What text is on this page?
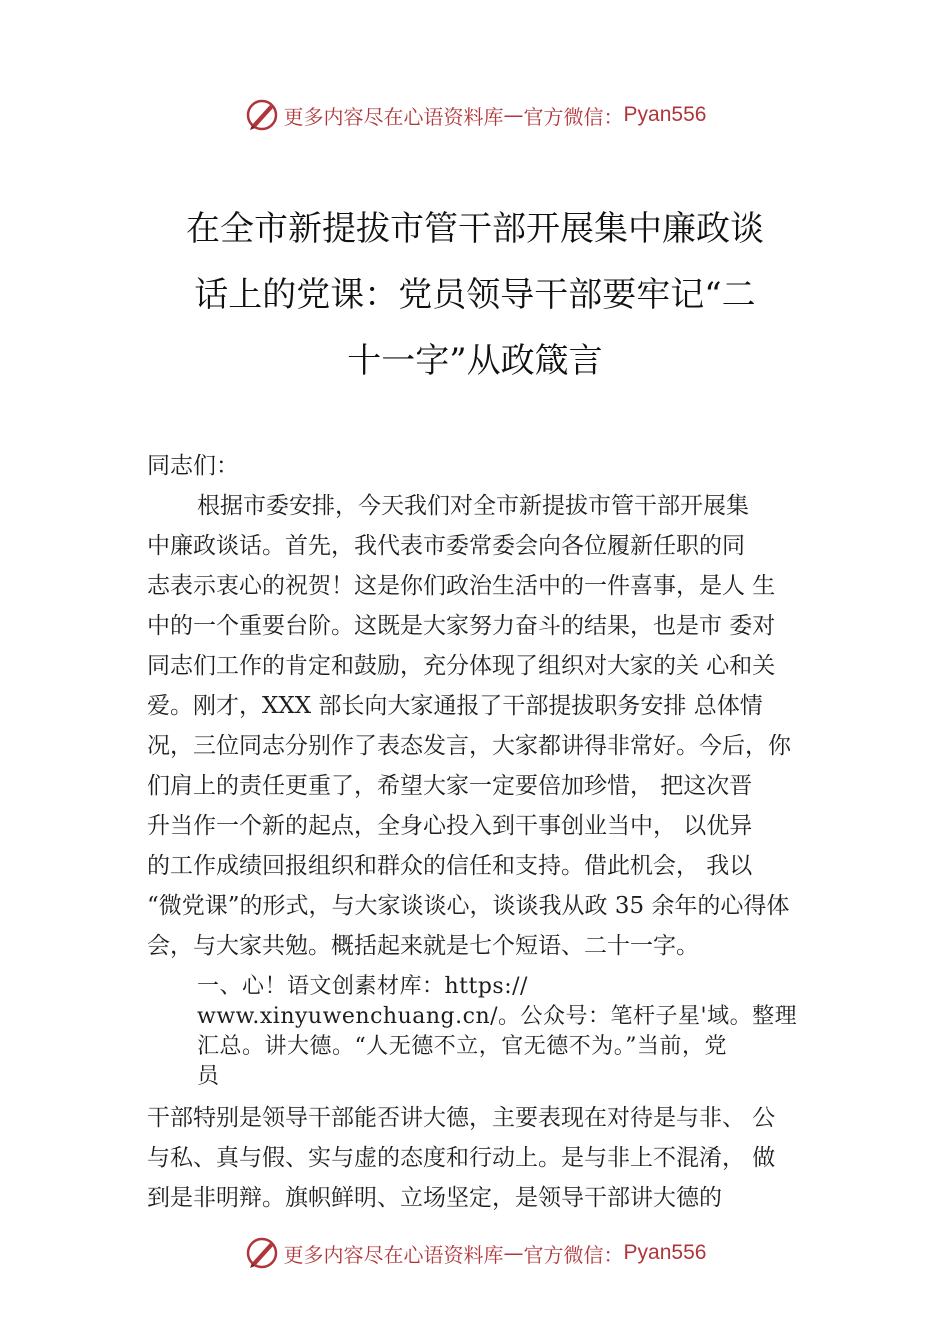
更多内容尽在心语资料库 — 官方微信： Pyan556
在全市新提拔市管干部开展集中廉政谈
话上的党课：党员领导干部要牢记“二
十一字”从政箴言
同志们：
根据市委安排，今天我们对全市新提拔市管干部开展集
中廉政谈话。首先，我代表市委常委会向各位履新任职的同
志表示衷心的祝贺！这是你们政治生活中的一件喜事，是人 生
中的一个重要台阶。这既是大家努力奋斗的结果，也是市 委对
同志们工作的肯定和鼓励，充分体现了组织对大家的关 心和关
爱。刚才，XXX 部长向大家通报了干部提拔职务安排 总体情
况，三位同志分别作了表态发言，大家都讲得非常好。今后，你
们肩上的责任更重了，希望大家一定要倍加珍惜， 把这次晋
升当作一个新的起点，全身心投入到干事创业当中， 以优异
的工作成绩回报组织和群众的信任和支持。借此机会， 我以
“微党课”的形式，与大家谈谈心，谈谈我从政 35 余年的心得体
会，与大家共勉。概括起来就是七个短语、二十一字。
一、心！语文创素材库：https://
www.xinyuwenchuang.cn/。公众号：笔杆子星'域。整理
汇总。讲大德。“人无德不立，官无德不为。”当前，党
员
干部特别是领导干部能否讲大德，主要表现在对待是与非、 公
与私、真与假、实与虚的态度和行动上。是与非上不混淆， 做
到是非明辩。旗帜鲜明、立场坚定，是领导干部讲大德的
更多内容尽在心语资料库 — 官方微信： Pyan556
